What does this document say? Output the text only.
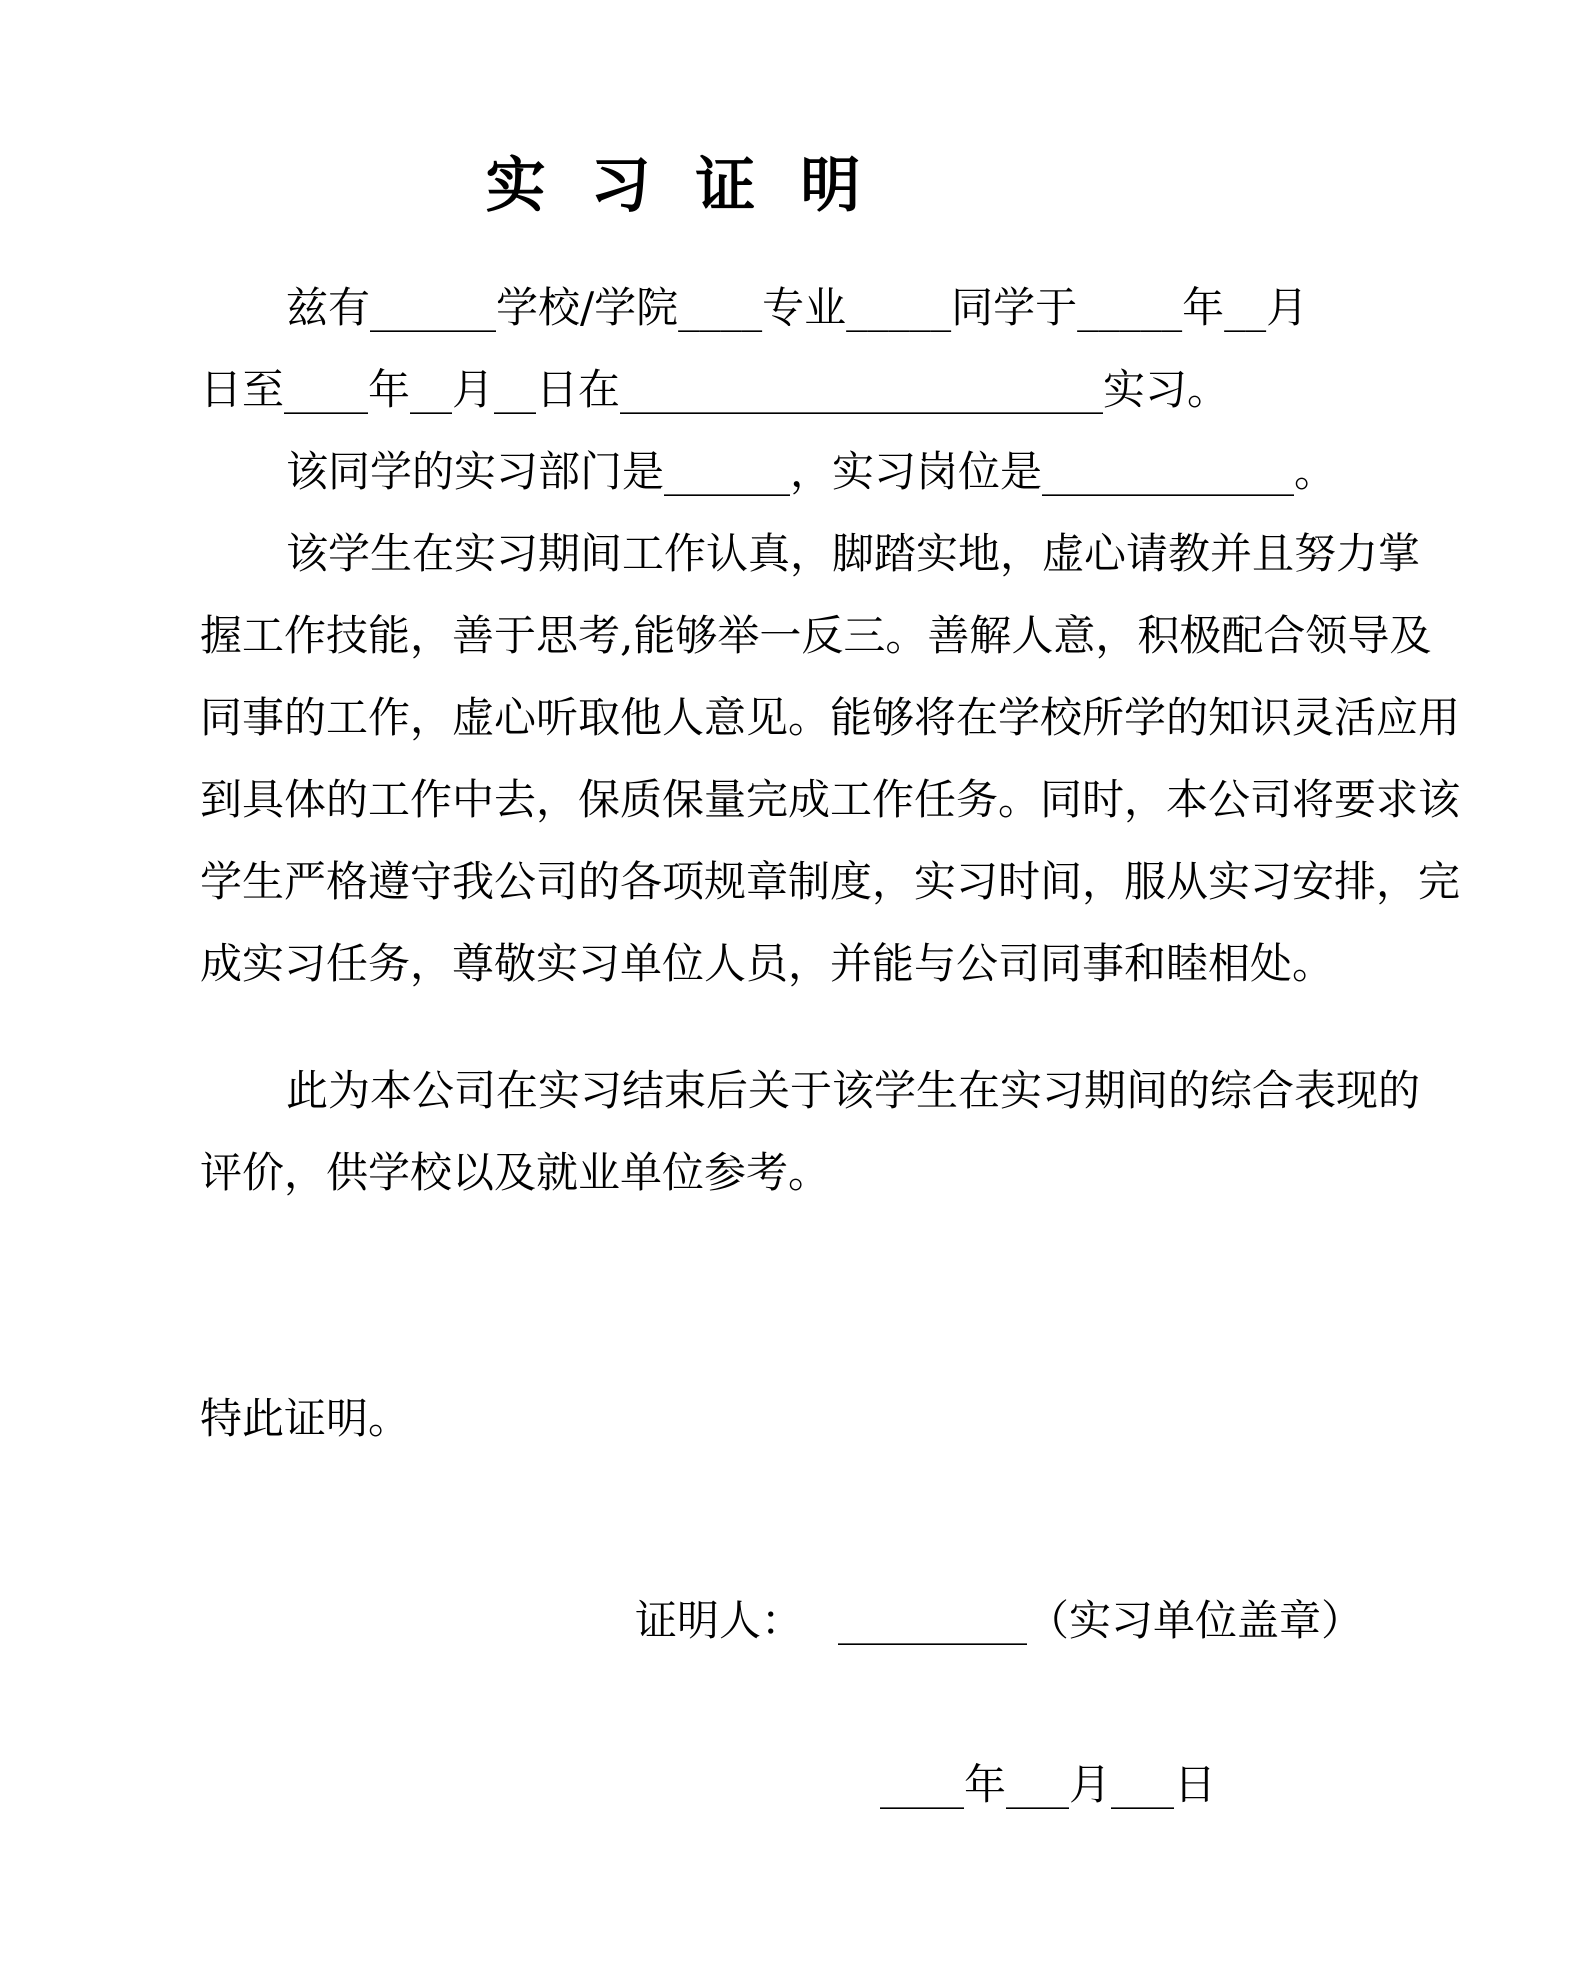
实 习 证 明
兹有______学校/学院____专业_____同学于_____年__月
日至____年__月__日在_______________________实习。
该同学的实习部门是______，实习岗位是____________。
该学生在实习期间工作认真，脚踏实地，虚心请教并且努力掌
握工作技能，善于思考,能够举一反三。善解人意，积极配合领导及
同事的工作，虚心听取他人意见。能够将在学校所学的知识灵活应用
到具体的工作中去，保质保量完成工作任务。同时，本公司将要求该
学生严格遵守我公司的各项规章制度，实习时间，服从实习安排，完
成实习任务，尊敬实习单位人员，并能与公司同事和睦相处。
此为本公司在实习结束后关于该学生在实习期间的综合表现的
评价，供学校以及就业单位参考。
特此证明。
证明人： _________（实习单位盖章）
____年___月___日
